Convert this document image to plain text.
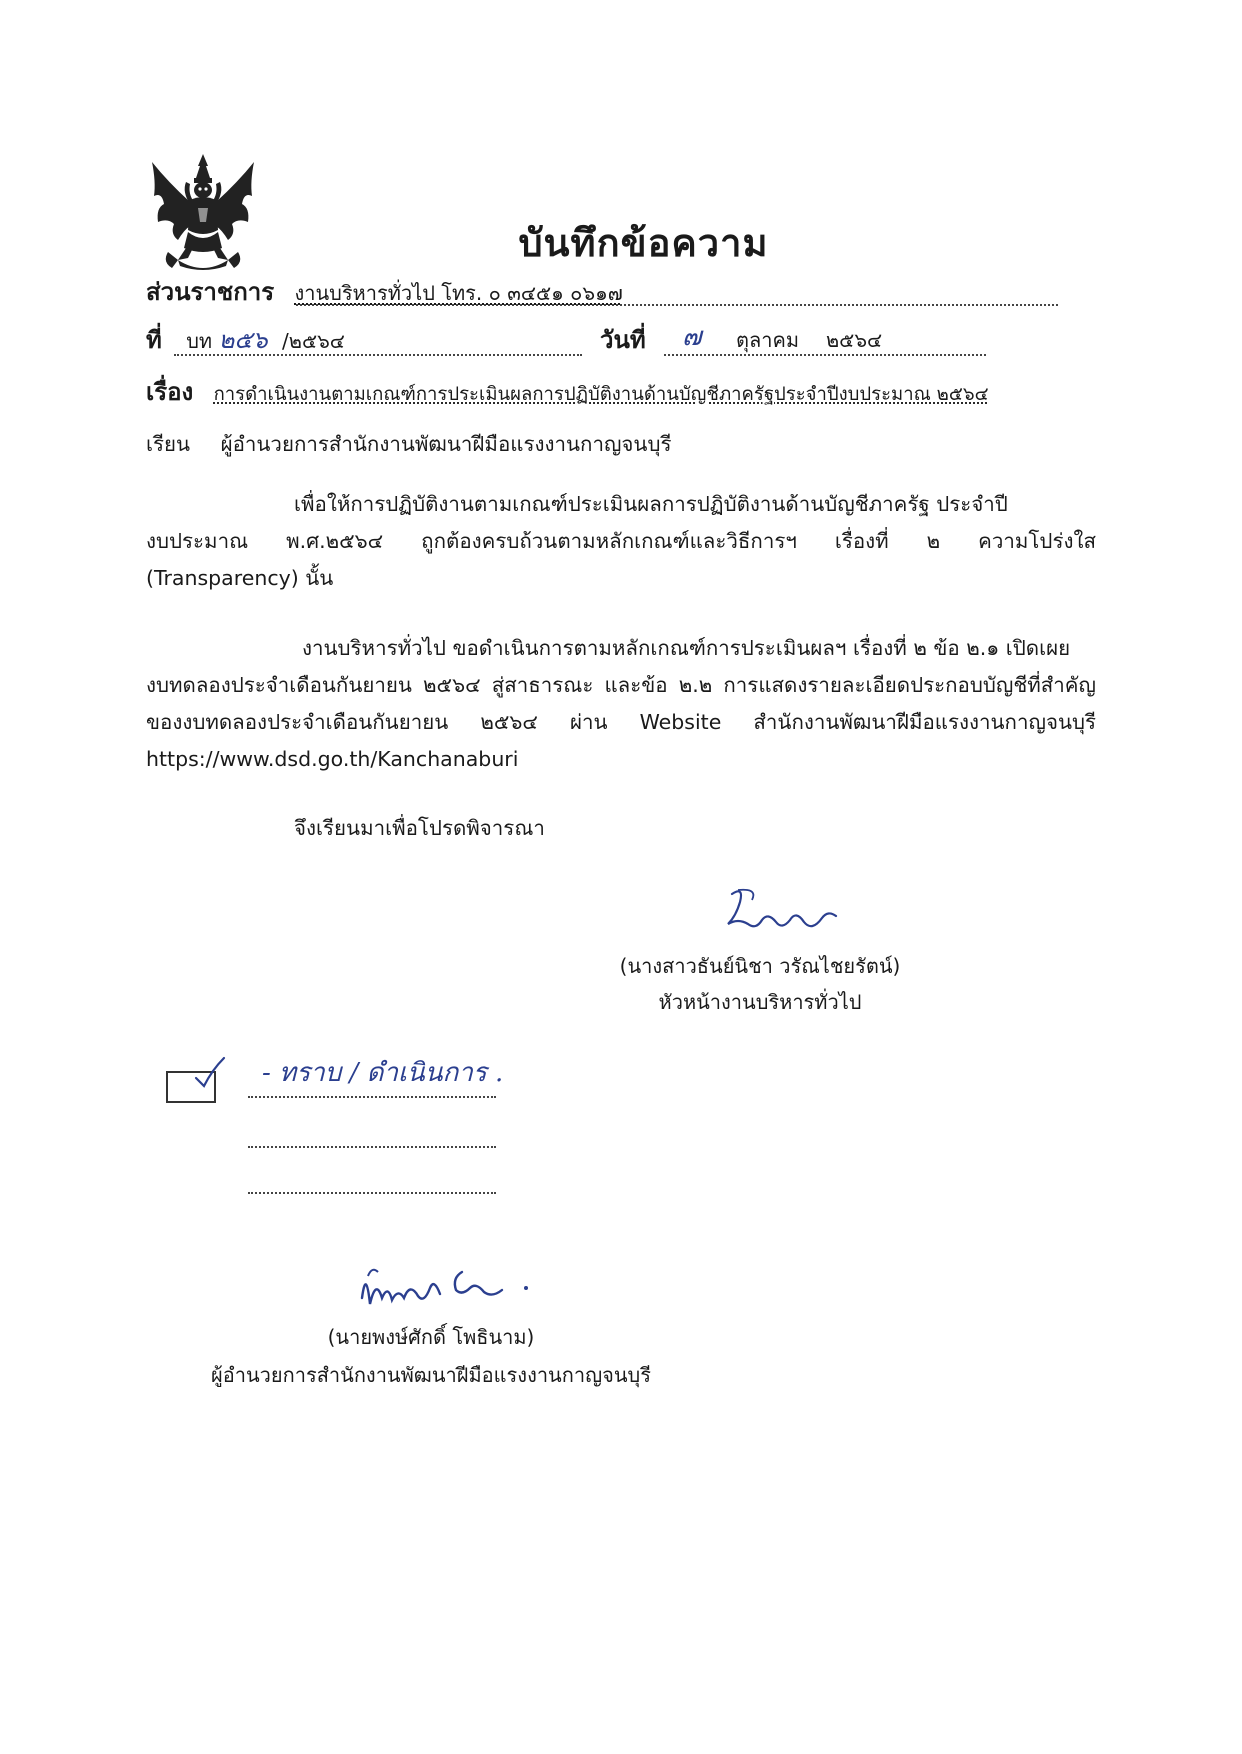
บันทึกข้อความ
ส่วนราชการ งานบริหารทั่วไป โทร. ๐ ๓๔๕๑ ๐๖๑๗
ที่ บท ๒๕๖ /๒๕๖๔	วันที่ ๗ ตุลาคม ๒๕๖๔
เรื่อง การดำเนินงานตามเกณฑ์การประเมินผลการปฏิบัติงานด้านบัญชีภาครัฐประจำปีงบประมาณ ๒๕๖๔
เรียน ผู้อำนวยการสำนักงานพัฒนาฝีมือแรงงานกาญจนบุรี
เพื่อให้การปฏิบัติงานตามเกณฑ์ประเมินผลการปฏิบัติงานด้านบัญชีภาครัฐ ประจำปี
งบประมาณ พ.ศ.๒๕๖๔ ถูกต้องครบถ้วนตามหลักเกณฑ์และวิธีการฯ เรื่องที่ ๒ ความโปร่งใส (Transparency) นั้น
งานบริหารทั่วไป ขอดำเนินการตามหลักเกณฑ์การประเมินผลฯ เรื่องที่ ๒ ข้อ ๒.๑ เปิดเผย
งบทดลองประจำเดือนกันยายน ๒๕๖๔ สู่สาธารณะ และข้อ ๒.๒ การแสดงรายละเอียดประกอบบัญชีที่สำคัญของงบทดลองประจำเดือนกันยายน ๒๕๖๔ ผ่าน Website สำนักงานพัฒนาฝีมือแรงงานกาญจนบุรี https://www.dsd.go.th/Kanchanaburi
จึงเรียนมาเพื่อโปรดพิจารณา
(นางสาวธันย์นิชา วรัณไชยรัตน์)
หัวหน้างานบริหารทั่วไป
- ทราบ / ดำเนินการ .
(นายพงษ์ศักดิ์ โพธินาม)
ผู้อำนวยการสำนักงานพัฒนาฝีมือแรงงานกาญจนบุรี
